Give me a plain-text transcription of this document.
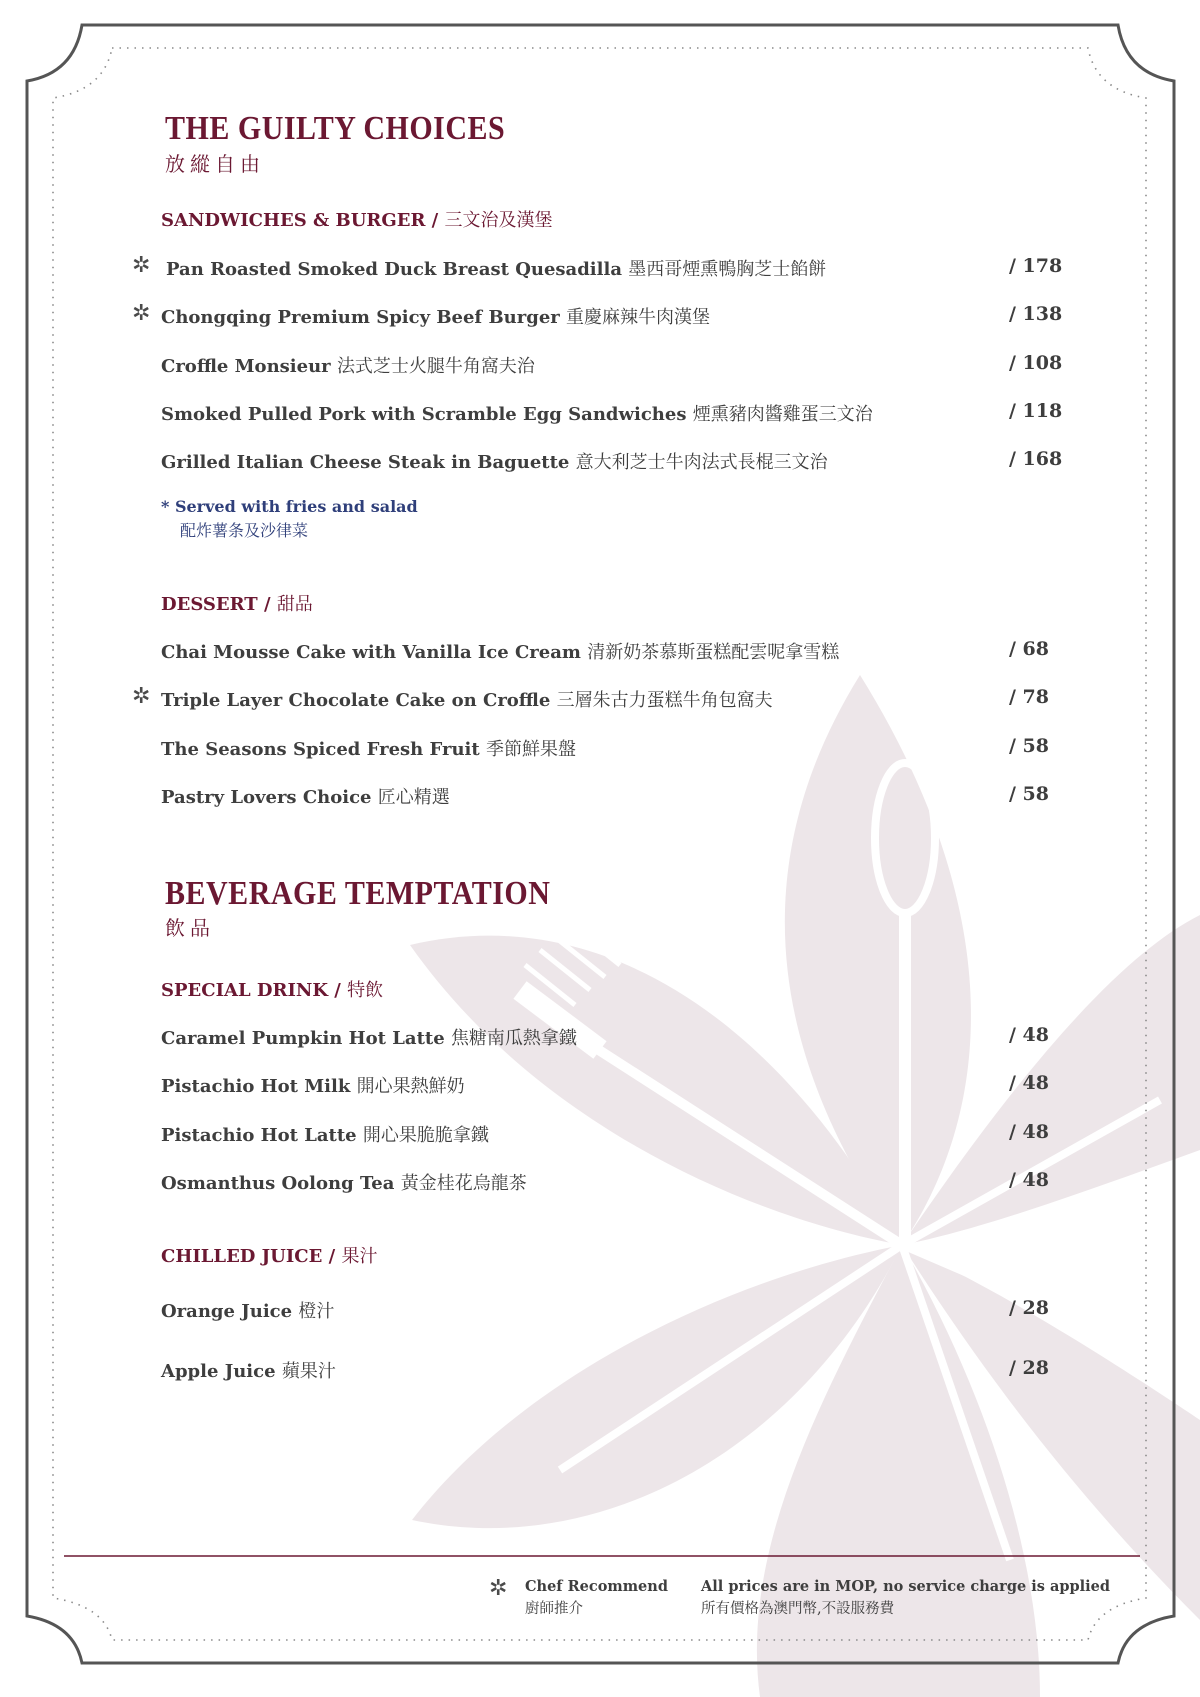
THE GUILTY CHOICES
放縱自由
SANDWICHES & BURGER / 三文治及漢堡
✲ Pan Roasted Smoked Duck Breast Quesadilla 墨西哥煙熏鴨胸芝士餡餅	/ 178
✲ Chongqing Premium Spicy Beef Burger 重慶麻辣牛肉漢堡	/ 138
Croffle Monsieur 法式芝士火腿牛角窩夫治	/ 108
Smoked Pulled Pork with Scramble Egg Sandwiches 煙熏豬肉醬雞蛋三文治	/ 118
Grilled Italian Cheese Steak in Baguette 意大利芝士牛肉法式長棍三文治	/ 168
* Served with fries and salad
配炸薯条及沙律菜
DESSERT / 甜品
Chai Mousse Cake with Vanilla Ice Cream 清新奶茶慕斯蛋糕配雲呢拿雪糕	/ 68
✲ Triple Layer Chocolate Cake on Croffle 三層朱古力蛋糕牛角包窩夫	/ 78
The Seasons Spiced Fresh Fruit 季節鮮果盤	/ 58
Pastry Lovers Choice 匠心精選	/ 58
BEVERAGE TEMPTATION
飲品
SPECIAL DRINK / 特飲
Caramel Pumpkin Hot Latte 焦糖南瓜熱拿鐵	/ 48
Pistachio Hot Milk 開心果熱鮮奶	/ 48
Pistachio Hot Latte 開心果脆脆拿鐵	/ 48
Osmanthus Oolong Tea 黃金桂花烏龍茶	/ 48
CHILLED JUICE / 果汁
Orange Juice 橙汁	/ 28
Apple Juice 蘋果汁	/ 28
✲ Chef Recommend
廚師推介
All prices are in MOP, no service charge is applied
所有價格為澳門幣,不設服務費
